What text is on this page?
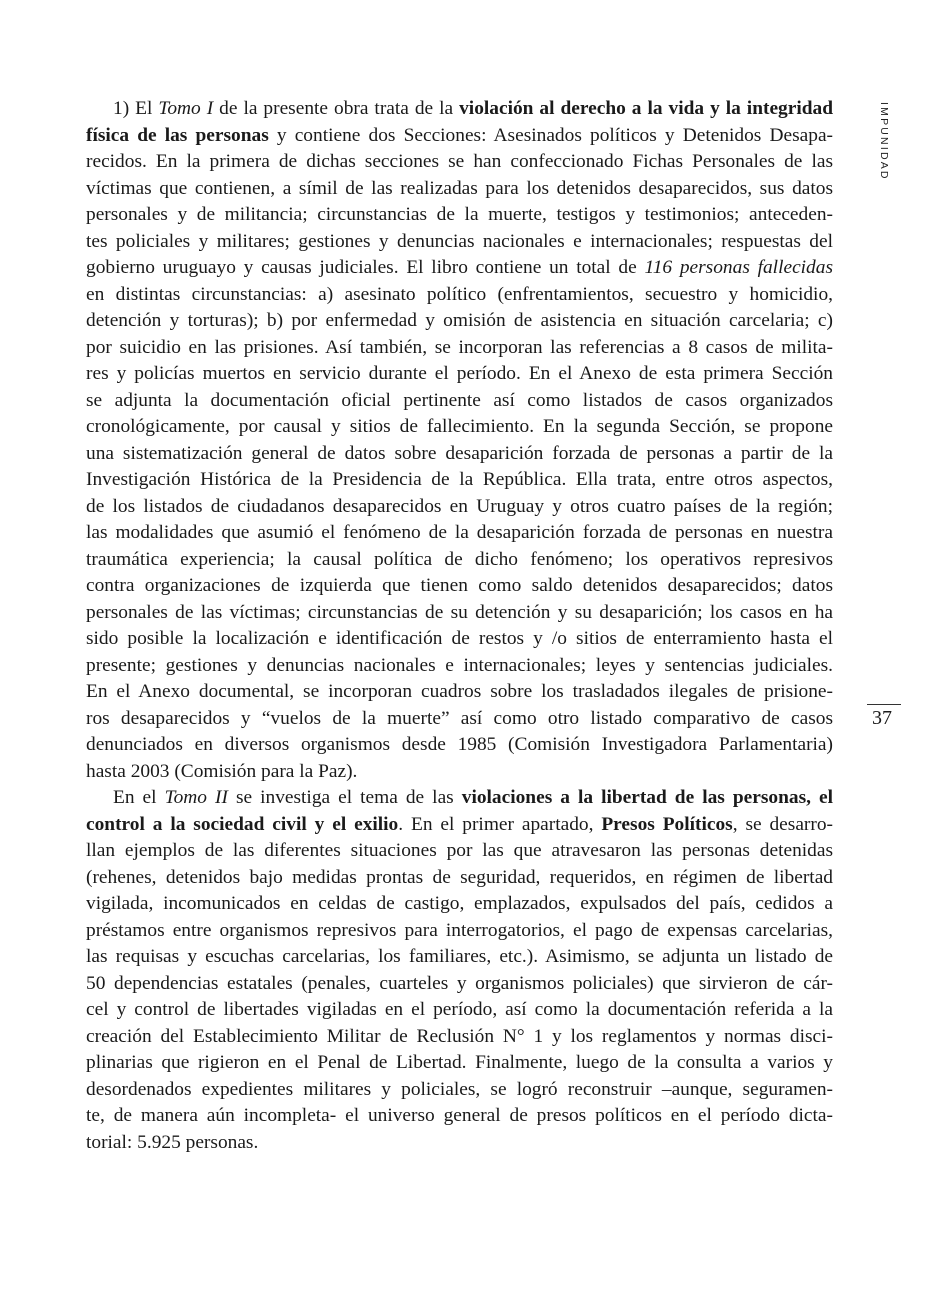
1) El Tomo I de la presente obra trata de la violación al derecho a la vida y la integridad
física de las personas y contiene dos Secciones: Asesinados políticos y Detenidos Desapa-
recidos. En la primera de dichas secciones se han confeccionado Fichas Personales de las
víctimas que contienen, a símil de las realizadas para los detenidos desaparecidos, sus datos
personales y de militancia; circunstancias de la muerte, testigos y testimonios; anteceden-
tes policiales y militares; gestiones y denuncias nacionales e internacionales; respuestas del
gobierno uruguayo y causas judiciales. El libro contiene un total de 116 personas fallecidas
en distintas circunstancias: a) asesinato político (enfrentamientos, secuestro y homicidio,
detención y torturas); b) por enfermedad y omisión de asistencia en situación carcelaria; c)
por suicidio en las prisiones. Así también, se incorporan las referencias a 8 casos de milita-
res y policías muertos en servicio durante el período. En el Anexo de esta primera Sección
se adjunta la documentación oficial pertinente así como listados de casos organizados
cronológicamente, por causal y sitios de fallecimiento. En la segunda Sección, se propone
una sistematización general de datos sobre desaparición forzada de personas a partir de la
Investigación Histórica de la Presidencia de la República. Ella trata, entre otros aspectos,
de los listados de ciudadanos desaparecidos en Uruguay y otros cuatro países de la región;
las modalidades que asumió el fenómeno de la desaparición forzada de personas en nuestra
traumática experiencia; la causal política de dicho fenómeno; los operativos represivos
contra organizaciones de izquierda que tienen como saldo detenidos desaparecidos; datos
personales de las víctimas; circunstancias de su detención y su desaparición; los casos en ha
sido posible la localización e identificación de restos y /o sitios de enterramiento hasta el
presente; gestiones y denuncias nacionales e internacionales; leyes y sentencias judiciales.
En el Anexo documental, se incorporan cuadros sobre los trasladados ilegales de prisione-
ros desaparecidos y “vuelos de la muerte” así como otro listado comparativo de casos
denunciados en diversos organismos desde 1985 (Comisión Investigadora Parlamentaria)
hasta 2003 (Comisión para la Paz).
En el Tomo II se investiga el tema de las violaciones a la libertad de las personas, el
control a la sociedad civil y el exilio. En el primer apartado, Presos Políticos, se desarro-
llan ejemplos de las diferentes situaciones por las que atravesaron las personas detenidas
(rehenes, detenidos bajo medidas prontas de seguridad, requeridos, en régimen de libertad
vigilada, incomunicados en celdas de castigo, emplazados, expulsados del país, cedidos a
préstamos entre organismos represivos para interrogatorios, el pago de expensas carcelarias,
las requisas y escuchas carcelarias, los familiares, etc.). Asimismo, se adjunta un listado de
50 dependencias estatales (penales, cuarteles y organismos policiales) que sirvieron de cár-
cel y control de libertades vigiladas en el período, así como la documentación referida a la
creación del Establecimiento Militar de Reclusión N° 1 y los reglamentos y normas disci-
plinarias que rigieron en el Penal de Libertad. Finalmente, luego de la consulta a varios y
desordenados expedientes militares y policiales, se logró reconstruir –aunque, seguramen-
te, de manera aún incompleta- el universo general de presos políticos en el período dicta-
torial: 5.925 personas.
IMPUNIDAD
37
